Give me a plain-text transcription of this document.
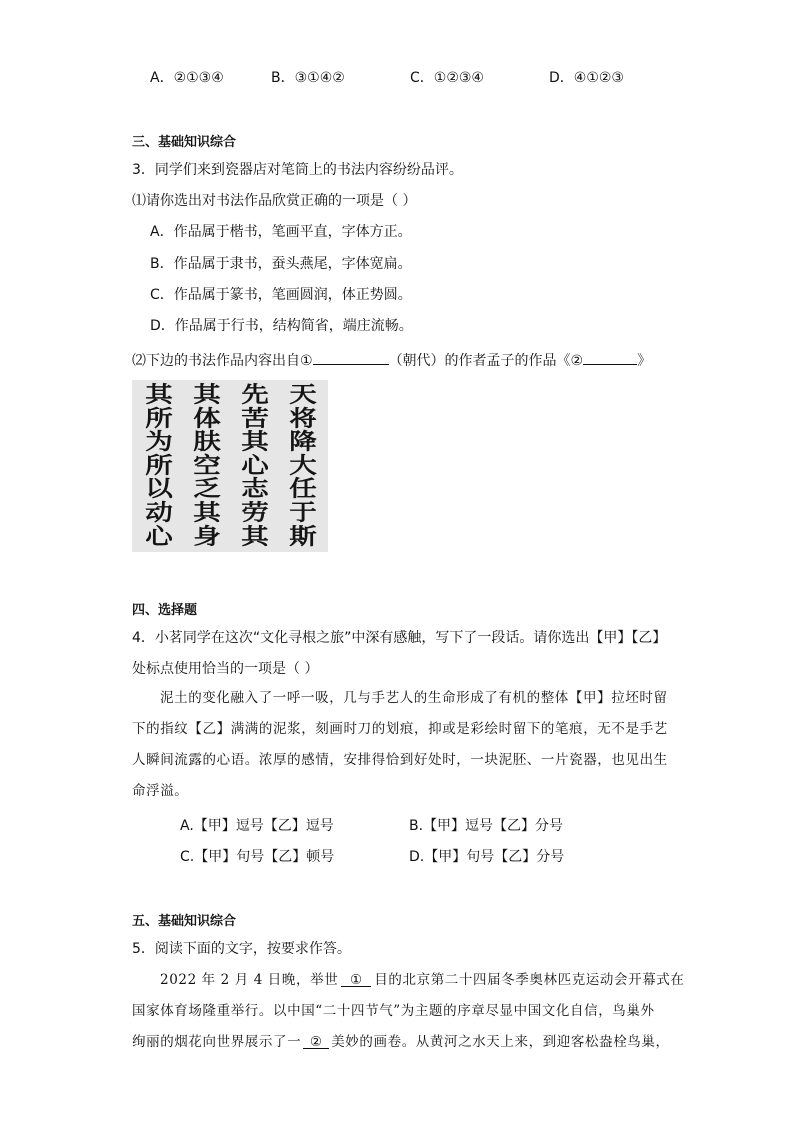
A．②①③④	B．③①④②	C．①②③④	D．④①②③
三、基础知识综合
3．同学们来到瓷器店对笔筒上的书法内容纷纷品评。
⑴请你选出对书法作品欣赏正确的一项是（ ）
A．作品属于楷书，笔画平直，字体方正。
B．作品属于隶书，蚕头燕尾，字体宽扁。
C．作品属于篆书，笔画圆润，体正势圆。
D．作品属于行书，结构简省，端庄流畅。
⑵下边的书法作品内容出自①	（朝代）的作者孟子的作品《②	》
天
将
降
大
任
于
斯
先
苦
其
心
志
劳
其
其
体
肤
空
乏
其
身
其
所
为
所
以
动
心
四、选择题
4．小茗同学在这次“文化寻根之旅”中深有感触，写下了一段话。请你选出【甲】【乙】
处标点使用恰当的一项是（ ）
泥土的变化融入了一呼一吸，几与手艺人的生命形成了有机的整体【甲】拉坯时留
下的指纹【乙】满满的泥浆，刻画时刀的划痕，抑或是彩绘时留下的笔痕，无不是手艺
人瞬间流露的心语。浓厚的感情，安排得恰到好处时，一块泥胚、一片瓷器，也见出生
命浮溢。
A.【甲】逗号【乙】逗号	B.【甲】逗号【乙】分号
C.【甲】句号【乙】顿号	D.【甲】句号【乙】分号
五、基础知识综合
5．阅读下面的文字，按要求作答。
2022 年 2 月 4 日晚，举世 ① 目的北京第二十四届冬季奥林匹克运动会开幕式在
国家体育场隆重举行。以中国“二十四节气”为主题的序章尽显中国文化自信，鸟巢外
绚丽的烟花向世界展示了一 ② 美妙的画卷。从黄河之水天上来，到迎客松盎栓鸟巢，
